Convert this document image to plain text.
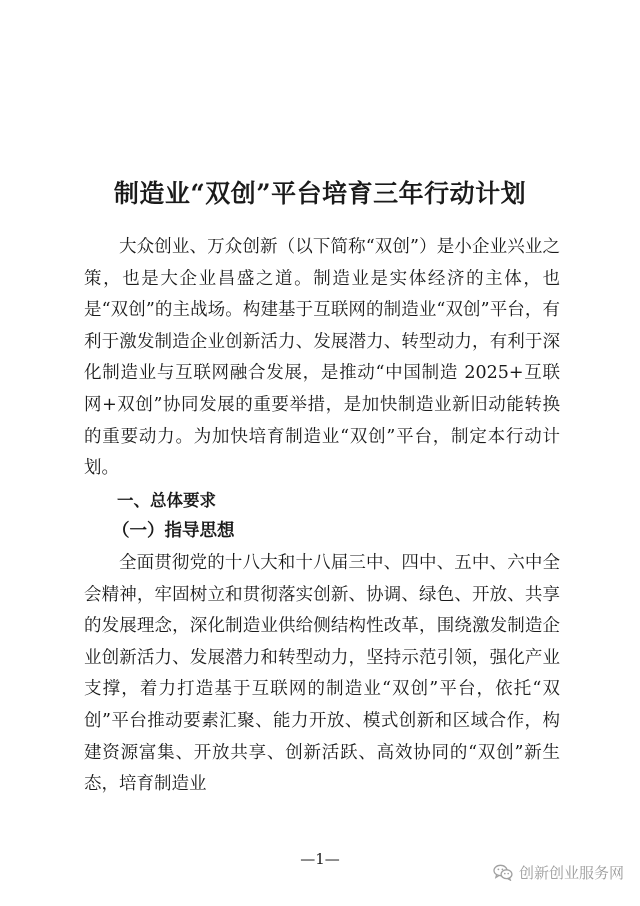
制造业“双创”平台培育三年行动计划

大众创业、万众创新（以下简称“双创”）是小企业兴业之策，也是大企业昌盛之道。制造业是实体经济的主体，也是“双创”的主战场。构建基于互联网的制造业“双创”平台，有利于激发制造企业创新活力、发展潜力、转型动力，有利于深化制造业与互联网融合发展，是推动“中国制造 2025+互联网+双创”协同发展的重要举措，是加快制造业新旧动能转换的重要动力。为加快培育制造业“双创”平台，制定本行动计划。

一、总体要求

（一）指导思想

全面贯彻党的十八大和十八届三中、四中、五中、六中全会精神，牢固树立和贯彻落实创新、协调、绿色、开放、共享的发展理念，深化制造业供给侧结构性改革，围绕激发制造企业创新活力、发展潜力和转型动力，坚持示范引领，强化产业支撑，着力打造基于互联网的制造业“双创”平台，依托“双创”平台推动要素汇聚、能力开放、模式创新和区域合作，构建资源富集、开放共享、创新活跃、高效协同的“双创”新生态，培育制造业

—1—
创新创业服务网
